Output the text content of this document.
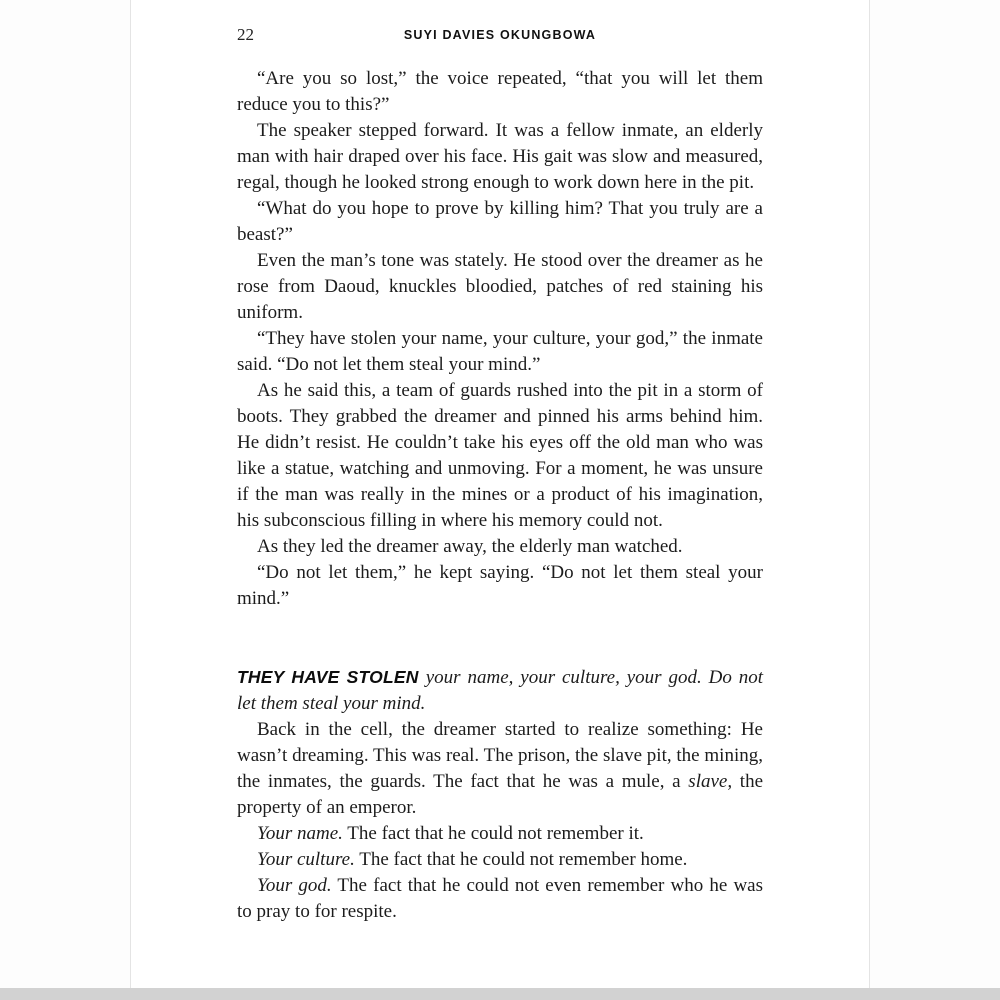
22	SUYI DAVIES OKUNGBOWA

“Are you so lost,” the voice repeated, “that you will let them reduce you to this?”

The speaker stepped forward. It was a fellow inmate, an elderly man with hair draped over his face. His gait was slow and measured, regal, though he looked strong enough to work down here in the pit.

“What do you hope to prove by killing him? That you truly are a beast?”

Even the man’s tone was stately. He stood over the dreamer as he rose from Daoud, knuckles bloodied, patches of red staining his uniform.

“They have stolen your name, your culture, your god,” the inmate said. “Do not let them steal your mind.”

As he said this, a team of guards rushed into the pit in a storm of boots. They grabbed the dreamer and pinned his arms behind him. He didn’t resist. He couldn’t take his eyes off the old man who was like a statue, watching and unmoving. For a moment, he was unsure if the man was really in the mines or a product of his imagination, his subconscious filling in where his memory could not.

As they led the dreamer away, the elderly man watched.

“Do not let them,” he kept saying. “Do not let them steal your mind.”

THEY HAVE STOLEN your name, your culture, your god. Do not let them steal your mind.

Back in the cell, the dreamer started to realize something: He wasn’t dreaming. This was real. The prison, the slave pit, the mining, the inmates, the guards. The fact that he was a mule, a slave, the property of an emperor.

Your name. The fact that he could not remember it.

Your culture. The fact that he could not remember home.

Your god. The fact that he could not even remember who he was to pray to for respite.
